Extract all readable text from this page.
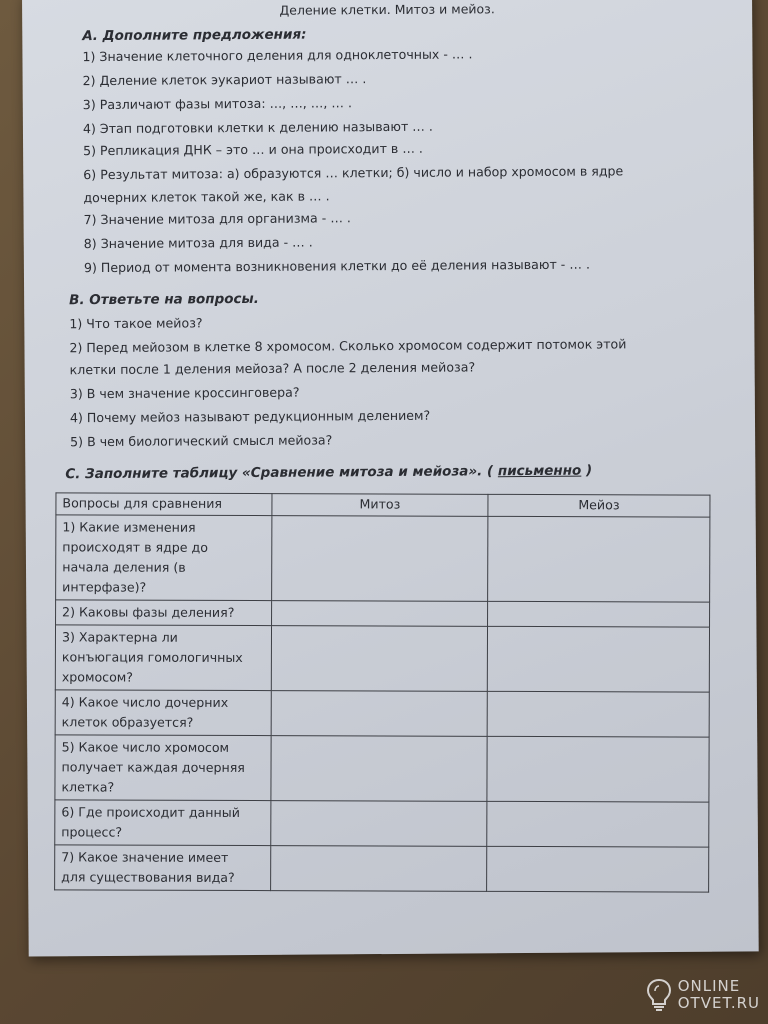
Деление клетки. Митоз и мейоз.
А. Дополните предложения:
1) Значение клеточного деления для одноклеточных - … .
2) Деление клеток эукариот называют … .
3) Различают фазы митоза: …, …, …, … .
4) Этап подготовки клетки к делению называют … .
5) Репликация ДНК – это … и она происходит в … .
6) Результат митоза: а) образуются … клетки; б) число и набор хромосом в ядре
дочерних клеток такой же, как в … .
7) Значение митоза для организма - … .
8) Значение митоза для вида - … .
9) Период от момента возникновения клетки до её деления называют - … .
В. Ответьте на вопросы.
1) Что такое мейоз?
2) Перед мейозом в клетке 8 хромосом. Сколько хромосом содержит потомок этой
клетки после 1 деления мейоза? А после 2 деления мейоза?
3) В чем значение кроссинговера?
4) Почему мейоз называют редукционным делением?
5) В чем биологический смысл мейоза?
С. Заполните таблицу «Сравнение митоза и мейоза». ( письменно )
Вопросы для сравнения	Митоз	Мейоз

1) Какие изменения
происходят в ядре до
начала деления (в
интерфазе)?		

2) Каковы фазы деления?		

3) Характерна ли
конъюгация гомологичных
хромосом?		

4) Какое число дочерних
клеток образуется?		

5) Какое число хромосом
получает каждая дочерняя
клетка?		

6) Где происходит данный
процесс?		

7) Какое значение имеет
для существования вида?		

ONLINE
OTVET.RU
